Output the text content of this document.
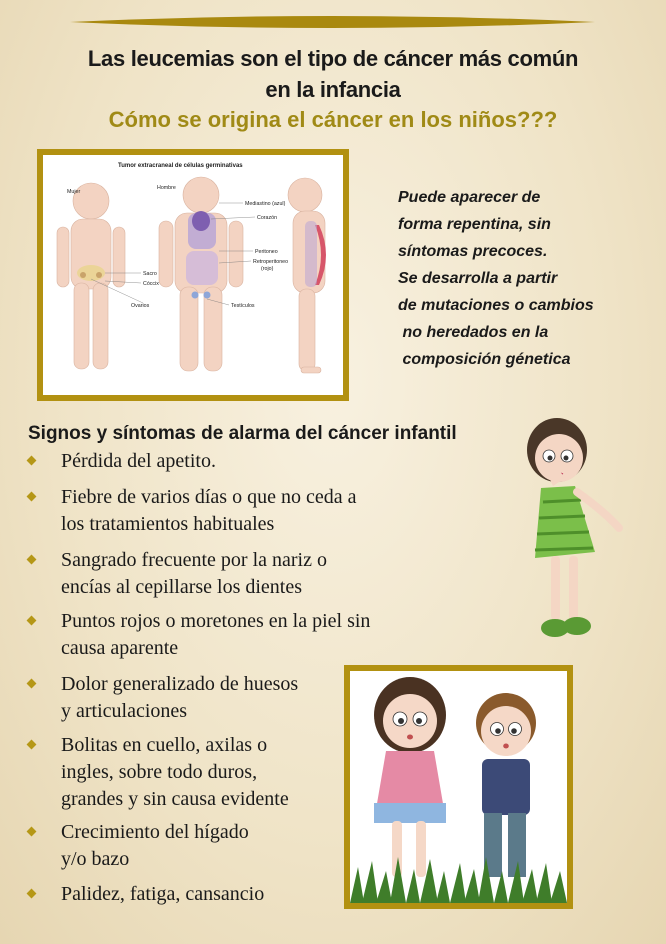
Las leucemias son el tipo de cáncer más común
en la infancia
Cómo se origina el cáncer en los niños???
Tumor extracraneal de células germinativas
Mujer
Hombre
Mediastino (azul)
Corazón
Peritoneo
Retroperitoneo
(rojo)
Sacro
Cóccix
Ovarios	Testículos
Puede aparecer de
forma repentina, sin
síntomas precoces.
Se desarrolla a partir
de mutaciones o cambios
no heredados en la
composición génetica
Signos y síntomas de alarma del cáncer infantil
Pérdida del apetito.
Fiebre de varios días o que no ceda a
los tratamientos habituales
Sangrado frecuente por la nariz o
encías al cepillarse los dientes
Puntos rojos o moretones en la piel sin
causa aparente
Dolor generalizado de huesos
y articulaciones
Bolitas en cuello, axilas o
ingles, sobre todo duros,
grandes y sin causa evidente
Crecimiento del hígado
y/o bazo
Palidez, fatiga, cansancio
